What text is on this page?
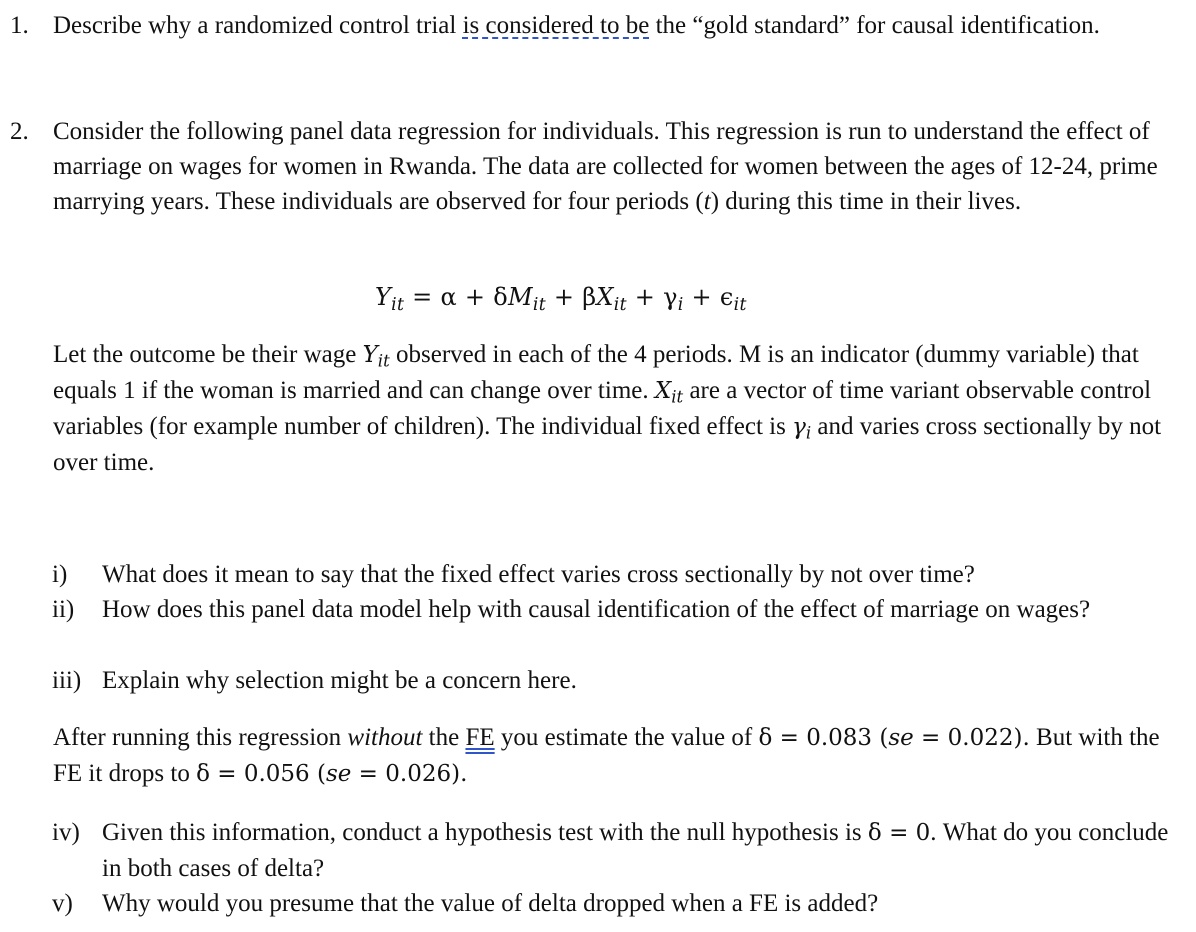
1. Describe why a randomized control trial is considered to be the “gold standard” for causal identification.

2. Consider the following panel data regression for individuals. This regression is run to understand the effect of marriage on wages for women in Rwanda. The data are collected for women between the ages of 12-24, prime marrying years. These individuals are observed for four periods (t) during this time in their lives.

$Y_{it} = \alpha + \delta M_{it} + \beta X_{it} + \gamma_i + \epsilon_{it}$

Let the outcome be their wage $Y_{it}$ observed in each of the 4 periods. M is an indicator (dummy variable) that equals 1 if the woman is married and can change over time. $X_{it}$ are a vector of time variant observable control variables (for example number of children). The individual fixed effect is $\gamma_i$ and varies cross sectionally by not over time.

i)	What does it mean to say that the fixed effect varies cross sectionally by not over time?

ii)	How does this panel data model help with causal identification of the effect of marriage on wages?

iii) Explain why selection might be a concern here.

After running this regression without the FE you estimate the value of δ = 0.083 (se = 0.022). But with the FE it drops to δ = 0.056 (se = 0.026).

iv) Given this information, conduct a hypothesis test with the null hypothesis is δ = 0. What do you conclude in both cases of delta?

v)	Why would you presume that the value of delta dropped when a FE is added?
